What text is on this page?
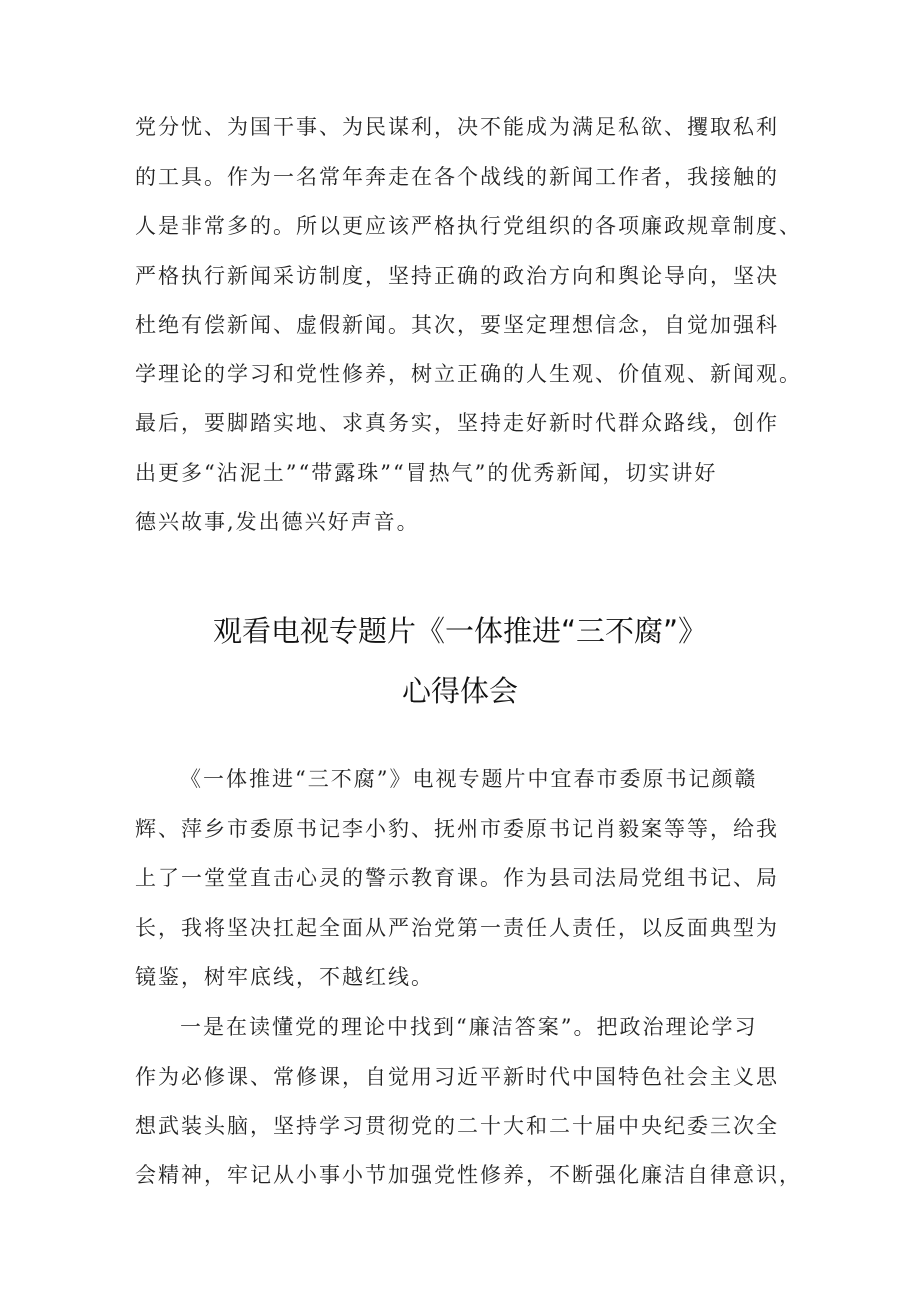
党分忧、为国干事、为民谋利，决不能成为满足私欲、攫取私利
的工具。作为一名常年奔走在各个战线的新闻工作者，我接触的
人是非常多的。所以更应该严格执行党组织的各项廉政规章制度、
严格执行新闻采访制度，坚持正确的政治方向和舆论导向，坚决
杜绝有偿新闻、虚假新闻。其次，要坚定理想信念，自觉加强科
学理论的学习和党性修养，树立正确的人生观、价值观、新闻观。
最后，要脚踏实地、求真务实，坚持走好新时代群众路线，创作
出更多“沾泥土”“带露珠”“冒热气”的优秀新闻，切实讲好
德兴故事,发出德兴好声音。
观看电视专题片《一体推进“三不腐”》
心得体会
《一体推进“三不腐”》电视专题片中宜春市委原书记颜赣
辉、萍乡市委原书记李小豹、抚州市委原书记肖毅案等等，给我
上了一堂堂直击心灵的警示教育课。作为县司法局党组书记、局
长，我将坚决扛起全面从严治党第一责任人责任，以反面典型为
镜鉴，树牢底线，不越红线。
一是在读懂党的理论中找到“廉洁答案”。把政治理论学习
作为必修课、常修课，自觉用习近平新时代中国特色社会主义思
想武装头脑，坚持学习贯彻党的二十大和二十届中央纪委三次全
会精神，牢记从小事小节加强党性修养，不断强化廉洁自律意识，
